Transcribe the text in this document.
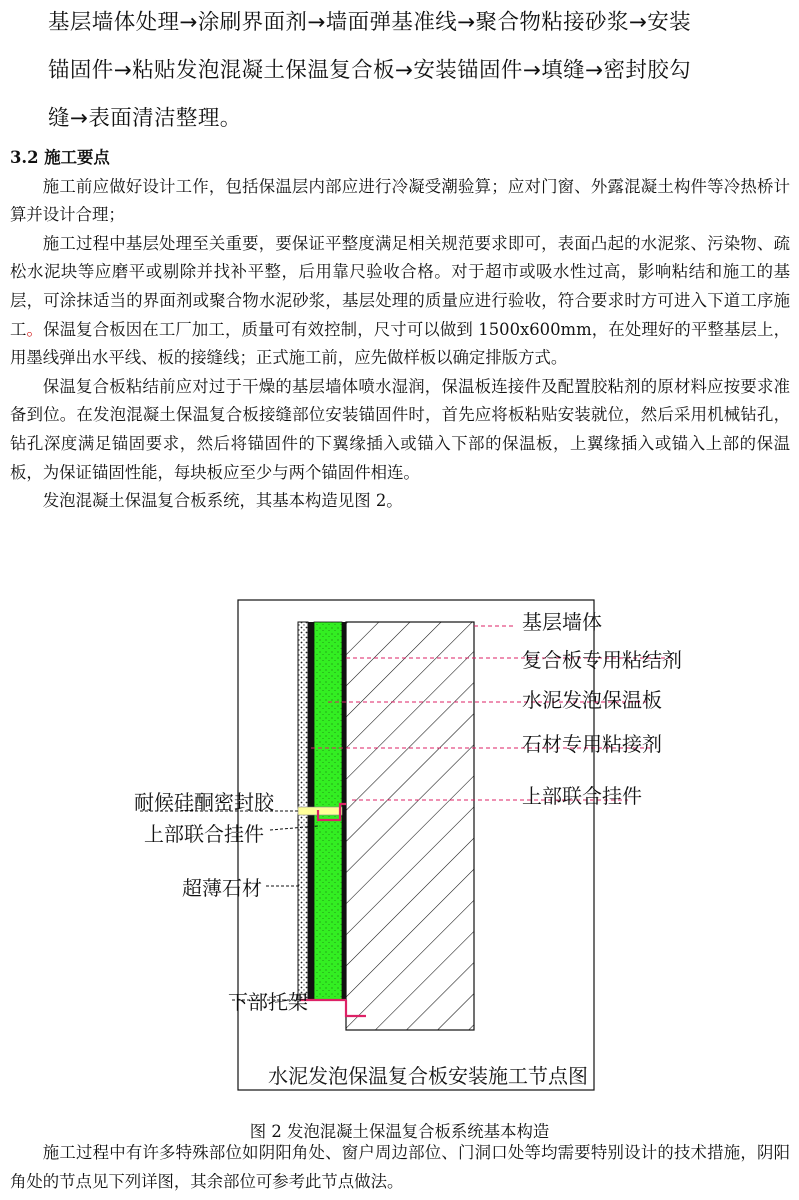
基层墙体处理→涂刷界面剂→墙面弹基准线→聚合物粘接砂浆→安装

锚固件→粘贴发泡混凝土保温复合板→安装锚固件→填缝→密封胶勾

缝→表面清洁整理。

3.2 施工要点

施工前应做好设计工作，包括保温层内部应进行冷凝受潮验算；应对门窗、外露混凝土构件等冷热桥计算并设计合理；

施工过程中基层处理至关重要，要保证平整度满足相关规范要求即可，表面凸起的水泥浆、污染物、疏松水泥块等应磨平或剔除并找补平整，后用靠尺验收合格。对于超市或吸水性过高，影响粘结和施工的基层，可涂抹适当的界面剂或聚合物水泥砂浆，基层处理的质量应进行验收，符合要求时方可进入下道工序施工。保温复合板因在工厂加工，质量可有效控制，尺寸可以做到 1500x600mm，在处理好的平整基层上，用墨线弹出水平线、板的接缝线；正式施工前，应先做样板以确定排版方式。

保温复合板粘结前应对过于干燥的基层墙体喷水湿润，保温板连接件及配置胶粘剂的原材料应按要求准备到位。在发泡混凝土保温复合板接缝部位安装锚固件时，首先应将板粘贴安装就位，然后采用机械钻孔，钻孔深度满足锚固要求，然后将锚固件的下翼缘插入或锚入下部的保温板，上翼缘插入或锚入上部的保温板，为保证锚固性能，每块板应至少与两个锚固件相连。

发泡混凝土保温复合板系统，其基本构造见图 2。

基层墙体
复合板专用粘结剂
水泥发泡保温板
石材专用粘接剂
上部联合挂件
耐候硅酮密封胶
上部联合挂件
超薄石材
下部托架
水泥发泡保温复合板安装施工节点图
图 2 发泡混凝土保温复合板系统基本构造

施工过程中有许多特殊部位如阴阳角处、窗户周边部位、门洞口处等均需要特别设计的技术措施，阴阳角处的节点见下列详图，其余部位可参考此节点做法。
